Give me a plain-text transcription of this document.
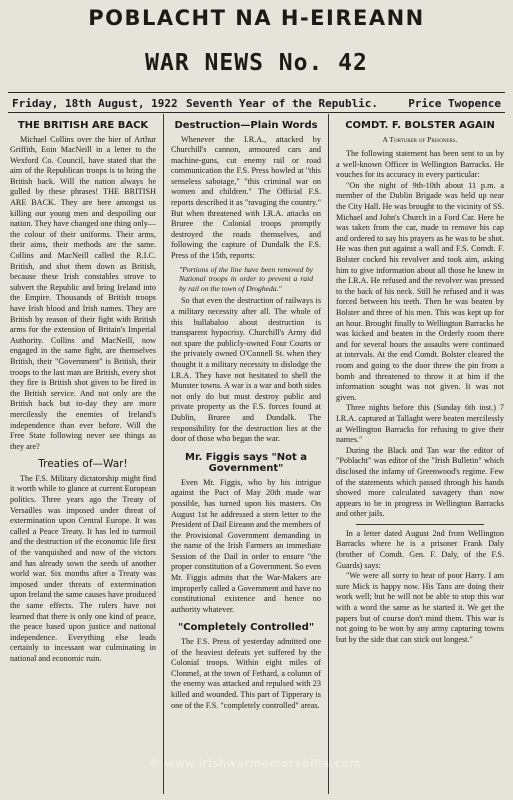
POBLACHT NA H-EIREANN
WAR NEWS No. 42
Friday, 18th August, 1922 Seventh Year of the Republic.	Price Twopence
THE BRITISH ARE BACK

Michael Collins over the bier of Arthur Griffith, Eoin MacNeill in a letter to the Wexford Co. Council, have stated that the aim of the Republican troops is to bring the British back. Will the nation always be gulled by these phrases! THE BRITISH ARE BACK. They are here amongst us killing our young men and despoiling our nation. They have changed one thing only—the colour of their uniforms. Their arms, their aims, their methods are the same. Collins and MacNeill called the R.I.C. British, and shot them down as British, because these Irish constables strove to subvert the Republic and bring Ireland into the Empire. Thousands of British troops have Irish blood and Irish names. They are British by reason of their fight with British arms for the extension of Britain's Imperial Authority. Collins and MacNeill, now engaged in the same fight, are themselves British, their "Government" is British, their troops to the last man are British, every shot they fire is British shot given to be fired in the British service. And not only are the British back but to-day they are more mercilessly the enemies of Ireland's independence than ever before. Will the Free State following never see things as they are?

Treaties of—War!

The F.S. Military dictatorship might find it worth while to glance at current European politics. Three years ago the Treaty of Versailles was imposed under threat of extermination upon Central Europe. It was called a Peace Treaty. It has led to turmoil and the destruction of the economic life first of the vanquished and now of the victors and has already sown the seeds of another world war. Six months after a Treaty was imposed under threats of extermination upon Ireland the same causes have produced the same effects. The rulers have not learned that there is only one kind of peace, the peace based upon justice and national independence. Everything else leads certainly to incessant war culminating in national and economic ruin.

Destruction—Plain Words

Whenever the I.R.A., attacked by Churchill's cannon, armoured cars and machine-guns, cut enemy rail or road communication the F.S. Press howled at "this senseless sabotage," "this criminal war on women and children." The Official F.S. reports described it as "ravaging the country." But when threatened with I.R.A. attacks on Bruree the Colonial troops promptly destroyed the roads themselves, and following the capture of Dundalk the F.S. Press of the 15th, reports:

"Portions of the line have been removed by National troops in order to prevent a raid by rail on the town of Drogheda."

So that even the destruction of railways is a military necessity after all. The whole of this hullabaloo about destruction is transparent hypocrisy. Churchill's Army did not spare the publicly-owned Four Courts or the privately owned O'Connell St. when they thought it a military necessity to dislodge the I.R.A. They have not hesitated to shell the Munster towns. A war is a war and both sides not only do but must destroy public and private property as the F.S. forces found at Dublin, Bruree and Dundalk. The responsibility for the destruction lies at the door of those who began the war.

Mr. Figgis says "Not a Government"

Even Mr. Figgis, who by his intrigue against the Pact of May 20th made war possible, has turned upon his masters. On August 1st he addressed a stern letter to the President of Dail Eireann and the members of the Provisional Government demanding in the name of the Irish Farmers an immediate Session of the Dail in order to ensure "the proper constitution of a Government. So even Mr. Figgis admits that the War-Makers are improperly called a Government and have no constitutional existence and hence no authority whatever.

"Completely Controlled"

The F.S. Press of yesterday admitted one of the heaviest defeats yet suffered by the Colonial troops. Within eight miles of Clonmel, at the town of Fethard, a column of the enemy was attacked and repulsed with 23 killed and wounded. This part of Tipperary is one of the F.S. "completely controlled" areas.

COMDT. F. BOLSTER AGAIN
A Torturer of Prisoners.

The following statement has been sent to us by a well-known Officer in Wellington Barracks. He vouches for its accuracy in every particular:

"On the night of 9th-10th about 11 p.m. a member of the Dublin Brigade was held up near the City Hall. He was brought to the vicinity of SS. Michael and John's Church in a Ford Car. Here he was taken from the car, made to remove his cap and ordered to say his prayers as he was to be shot. He was then put against a wall and F.S. Comdt. F. Bolster cocked his revolver and took aim, asking him to give information about all those he knew in the I.R.A. He refused and the revolver was pressed to the back of his neck. Still he refused and it was forced between his teeth. Then he was beaten by Bolster and three of his men. This was kept up for an hour. Brought finally to Wellington Barracks he was kicked and beaten in the Orderly room there and for several hours the assaults were continued at intervals. At the end Comdt. Bolster cleared the room and going to the door threw the pin from a bomb and threatened to throw it at him if the information sought was not given. It was not given.

Three nights before this (Sunday 6th inst.) 7 I.R.A. captured at Tallaght were beaten mercilessly at Wellington Barracks for refusing to give their names."

During the Black and Tan war the editor of "Poblacht" was editor of the "Irish Bulletin" which disclosed the infamy of Greenwood's regime. Few of the statements which passed through his hands showed more calculated savagery than now appears to be in progress in Wellington Barracks and other jails.

In a letter dated August 2nd from Wellington Barracks where he is a prisoner Frank Daly (brother of Comdt. Gen. F. Daly, of the F.S. Guards) says:

"We were all sorry to hear of poor Harry. I am sure Mick is happy now. His Tans are doing their work well; but he will not be able to stop this war with a word the same as he started it. We get the papers but of course don't mind them. This war is not going to be won by any army capturing towns but by the side that can stick out longest."

© www.irishwarmemorabilia.com
